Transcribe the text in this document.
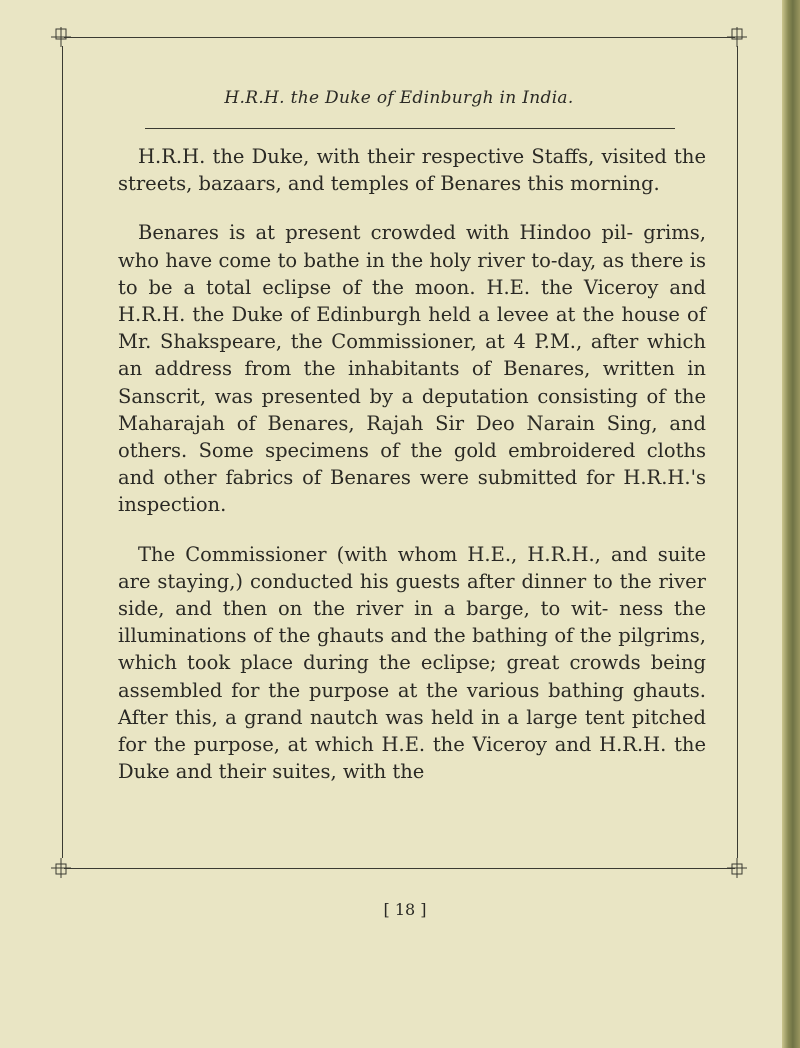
H.R.H. the Duke of Edinburgh in India.

H.R.H. the Duke, with their respective Staffs, visited the streets, bazaars, and temples of Benares this morning.

Benares is at present crowded with Hindoo pil- grims, who have come to bathe in the holy river to-day, as there is to be a total eclipse of the moon. H.E. the Viceroy and H.R.H. the Duke of Edinburgh held a levee at the house of Mr. Shakspeare, the Commissioner, at 4 P.M., after which an address from the inhabitants of Benares, written in Sanscrit, was presented by a deputation consisting of the Maharajah of Benares, Rajah Sir Deo Narain Sing, and others. Some specimens of the gold embroidered cloths and other fabrics of Benares were submitted for H.R.H.'s inspection.

The Commissioner (with whom H.E., H.R.H., and suite are staying,) conducted his guests after dinner to the river side, and then on the river in a barge, to wit- ness the illuminations of the ghauts and the bathing of the pilgrims, which took place during the eclipse; great crowds being assembled for the purpose at the various bathing ghauts. After this, a grand nautch was held in a large tent pitched for the purpose, at which H.E. the Viceroy and H.R.H. the Duke and their suites, with the

[ 18 ]
